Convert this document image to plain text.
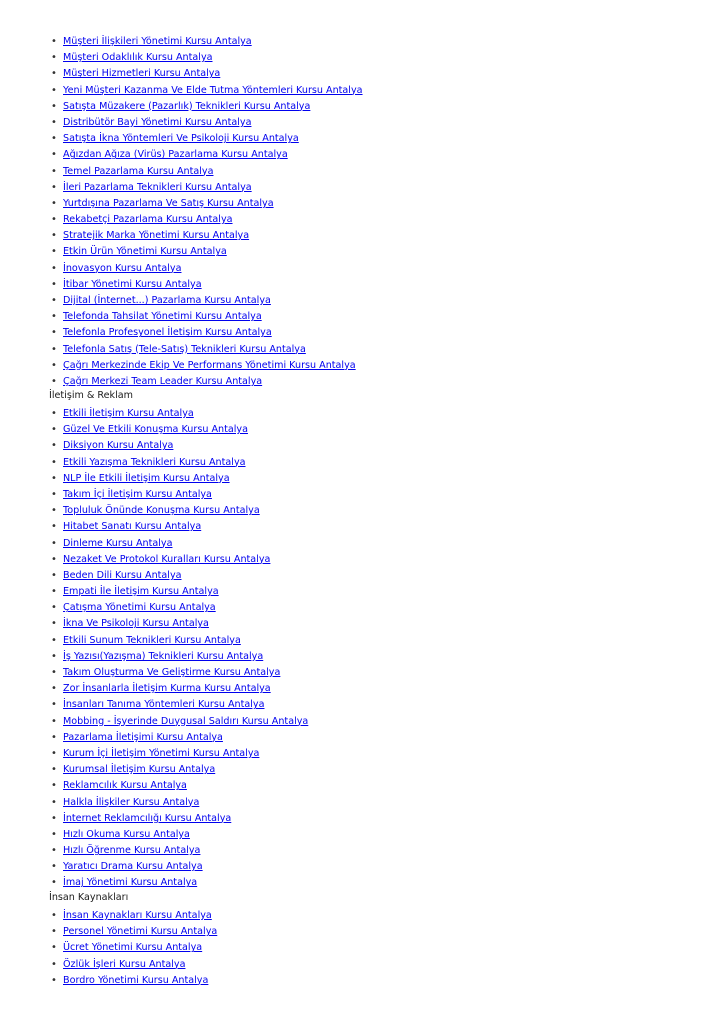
• Müşteri İlişkileri Yönetimi Kursu Antalya
• Müşteri Odaklılık Kursu Antalya
• Müşteri Hizmetleri Kursu Antalya
• Yeni Müşteri Kazanma Ve Elde Tutma Yöntemleri Kursu Antalya
• Satışta Müzakere (Pazarlık) Teknikleri Kursu Antalya
• Distribütör Bayi Yönetimi Kursu Antalya
• Satışta İkna Yöntemleri Ve Psikoloji Kursu Antalya
• Ağızdan Ağıza (Virüs) Pazarlama Kursu Antalya
• Temel Pazarlama Kursu Antalya
• İleri Pazarlama Teknikleri Kursu Antalya
• Yurtdışına Pazarlama Ve Satış Kursu Antalya
• Rekabetçi Pazarlama Kursu Antalya
• Stratejik Marka Yönetimi Kursu Antalya
• Etkin Ürün Yönetimi Kursu Antalya
• İnovasyon Kursu Antalya
• İtibar Yönetimi Kursu Antalya
• Dijital (İnternet...) Pazarlama Kursu Antalya
• Telefonda Tahsilat Yönetimi Kursu Antalya
• Telefonla Profesyonel İletişim Kursu Antalya
• Telefonla Satış (Tele-Satış) Teknikleri Kursu Antalya
• Çağrı Merkezinde Ekip Ve Performans Yönetimi Kursu Antalya
• Çağrı Merkezi Team Leader Kursu Antalya
İletişim & Reklam
• Etkili İletişim Kursu Antalya
• Güzel Ve Etkili Konuşma Kursu Antalya
• Diksiyon Kursu Antalya
• Etkili Yazışma Teknikleri Kursu Antalya
• NLP İle Etkili İletişim Kursu Antalya
• Takım İçi İletişim Kursu Antalya
• Topluluk Önünde Konuşma Kursu Antalya
• Hitabet Sanatı Kursu Antalya
• Dinleme Kursu Antalya
• Nezaket Ve Protokol Kuralları Kursu Antalya
• Beden Dili Kursu Antalya
• Empati İle İletişim Kursu Antalya
• Çatışma Yönetimi Kursu Antalya
• İkna Ve Psikoloji Kursu Antalya
• Etkili Sunum Teknikleri Kursu Antalya
• İş Yazısı(Yazışma) Teknikleri Kursu Antalya
• Takım Oluşturma Ve Geliştirme Kursu Antalya
• Zor İnsanlarla İletişim Kurma Kursu Antalya
• İnsanları Tanıma Yöntemleri Kursu Antalya
• Mobbing - İşyerinde Duygusal Saldırı Kursu Antalya
• Pazarlama İletişimi Kursu Antalya
• Kurum İçi İletişim Yönetimi Kursu Antalya
• Kurumsal İletişim Kursu Antalya
• Reklamcılık Kursu Antalya
• Halkla İlişkiler Kursu Antalya
• İnternet Reklamcılığı Kursu Antalya
• Hızlı Okuma Kursu Antalya
• Hızlı Öğrenme Kursu Antalya
• Yaratıcı Drama Kursu Antalya
• İmaj Yönetimi Kursu Antalya
İnsan Kaynakları
• İnsan Kaynakları Kursu Antalya
• Personel Yönetimi Kursu Antalya
• Ücret Yönetimi Kursu Antalya
• Özlük İşleri Kursu Antalya
• Bordro Yönetimi Kursu Antalya
